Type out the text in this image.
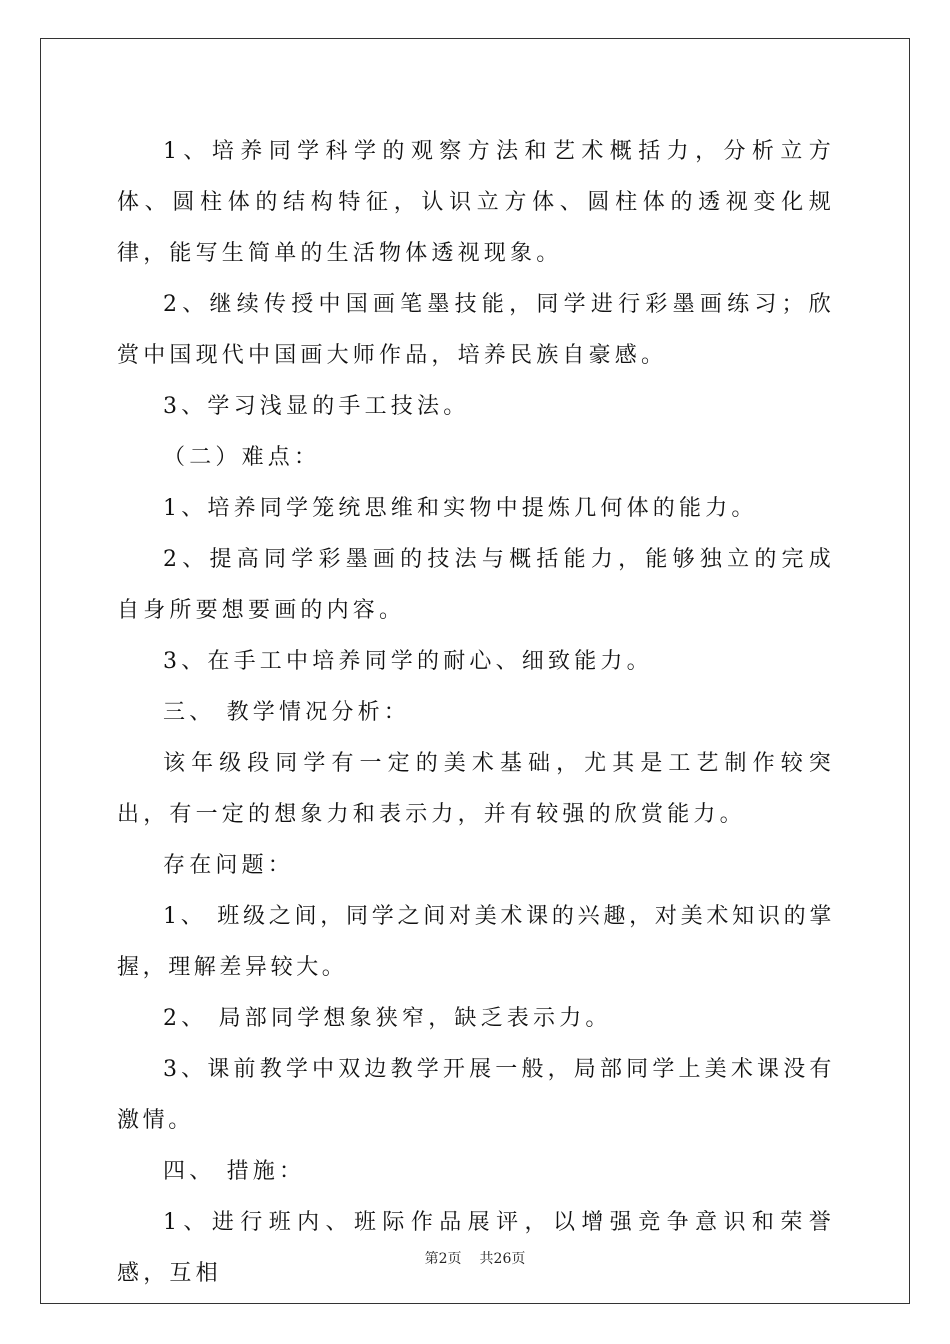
1、培养同学科学的观察方法和艺术概括力，分析立方体、圆柱体的结构特征，认识立方体、圆柱体的透视变化规律，能写生简单的生活物体透视现象。

2、继续传授中国画笔墨技能，同学进行彩墨画练习；欣赏中国现代中国画大师作品，培养民族自豪感。

3、学习浅显的手工技法。

（二）难点：

1、培养同学笼统思维和实物中提炼几何体的能力。

2、提高同学彩墨画的技法与概括能力，能够独立的完成自身所要想要画的内容。

3、在手工中培养同学的耐心、细致能力。

三、 教学情况分析：

该年级段同学有一定的美术基础，尤其是工艺制作较突出，有一定的想象力和表示力，并有较强的欣赏能力。

存在问题：

1、 班级之间，同学之间对美术课的兴趣，对美术知识的掌握，理解差异较大。

2、 局部同学想象狭窄，缺乏表示力。

3、课前教学中双边教学开展一般，局部同学上美术课没有激情。

四、 措施：

1、进行班内、班际作品展评，以增强竞争意识和荣誉感，互相

第2页 共26页
